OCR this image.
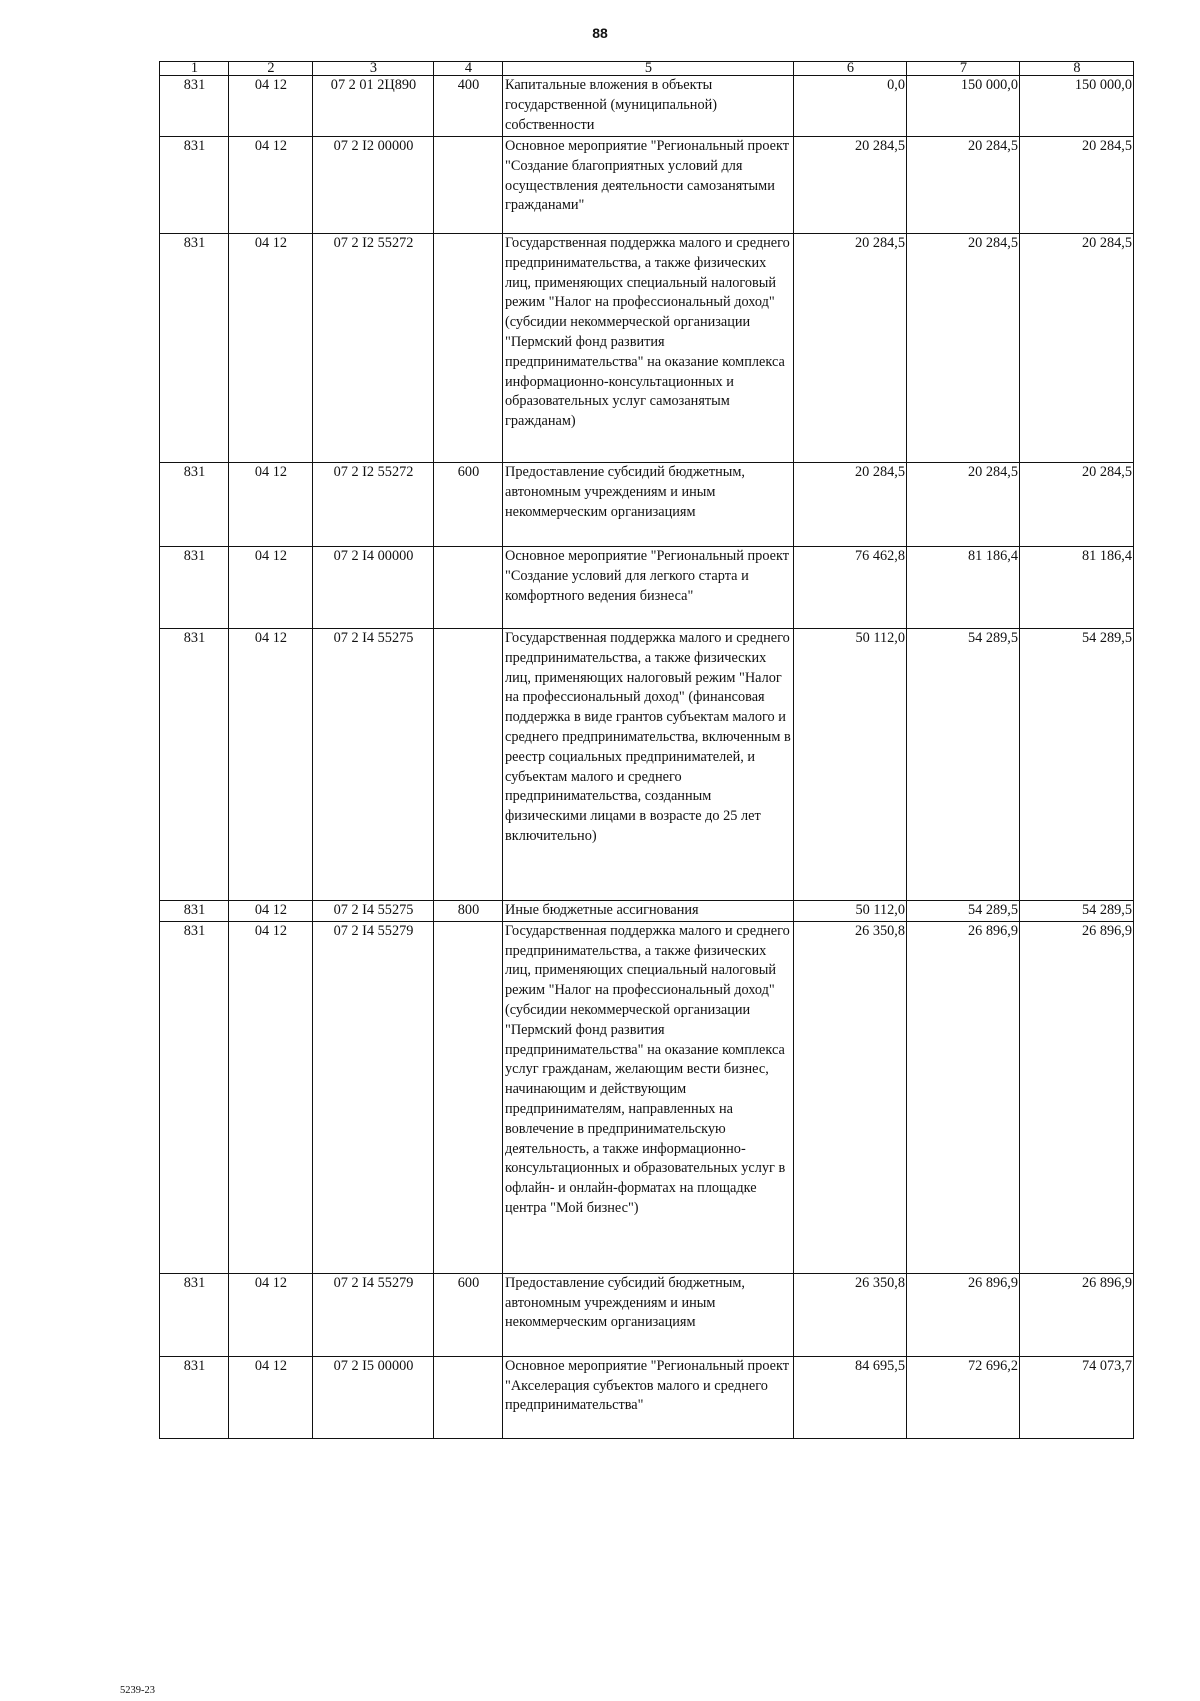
88
1	2	3	4	5	6	7	8
831	04 12	07 2 01 2Ц890	400	Капитальные вложения в объекты государственной (муниципальной) собственности	0,0	150 000,0	150 000,0
831	04 12	07 2 I2 00000		Основное мероприятие "Региональный проект "Создание благоприятных условий для осуществления деятельности самозанятыми гражданами"	20 284,5	20 284,5	20 284,5
831	04 12	07 2 I2 55272		Государственная поддержка малого и среднего предпринимательства, а также физических лиц, применяющих специальный налоговый режим "Налог на профессиональный доход" (субсидии некоммерческой организации "Пермский фонд развития предпринимательства" на оказание комплекса информационно-консультационных и образовательных услуг самозанятым гражданам)	20 284,5	20 284,5	20 284,5
831	04 12	07 2 I2 55272	600	Предоставление субсидий бюджетным, автономным учреждениям и иным некоммерческим организациям	20 284,5	20 284,5	20 284,5
831	04 12	07 2 I4 00000		Основное мероприятие "Региональный проект "Создание условий для легкого старта и комфортного ведения бизнеса"	76 462,8	81 186,4	81 186,4
831	04 12	07 2 I4 55275		Государственная поддержка малого и среднего предпринимательства, а также физических лиц, применяющих налоговый режим "Налог на профессиональный доход" (финансовая поддержка в виде грантов субъектам малого и среднего предпринимательства, включенным в реестр социальных предпринимателей, и субъектам малого и среднего предпринимательства, созданным физическими лицами в возрасте до 25 лет включительно)	50 112,0	54 289,5	54 289,5
831	04 12	07 2 I4 55275	800	Иные бюджетные ассигнования	50 112,0	54 289,5	54 289,5
831	04 12	07 2 I4 55279		Государственная поддержка малого и среднего предпринимательства, а также физических лиц, применяющих специальный налоговый режим "Налог на профессиональный доход" (субсидии некоммерческой организации "Пермский фонд развития предпринимательства" на оказание комплекса услуг гражданам, желающим вести бизнес, начинающим и действующим предпринимателям, направленных на вовлечение в предпринимательскую деятельность, а также информационно-консультационных и образовательных услуг в офлайн- и онлайн-форматах на площадке центра "Мой бизнес")	26 350,8	26 896,9	26 896,9
831	04 12	07 2 I4 55279	600	Предоставление субсидий бюджетным, автономным учреждениям и иным некоммерческим организациям	26 350,8	26 896,9	26 896,9
831	04 12	07 2 I5 00000		Основное мероприятие "Региональный проект "Акселерация субъектов малого и среднего предпринимательства"	84 695,5	72 696,2	74 073,7
5239-23
